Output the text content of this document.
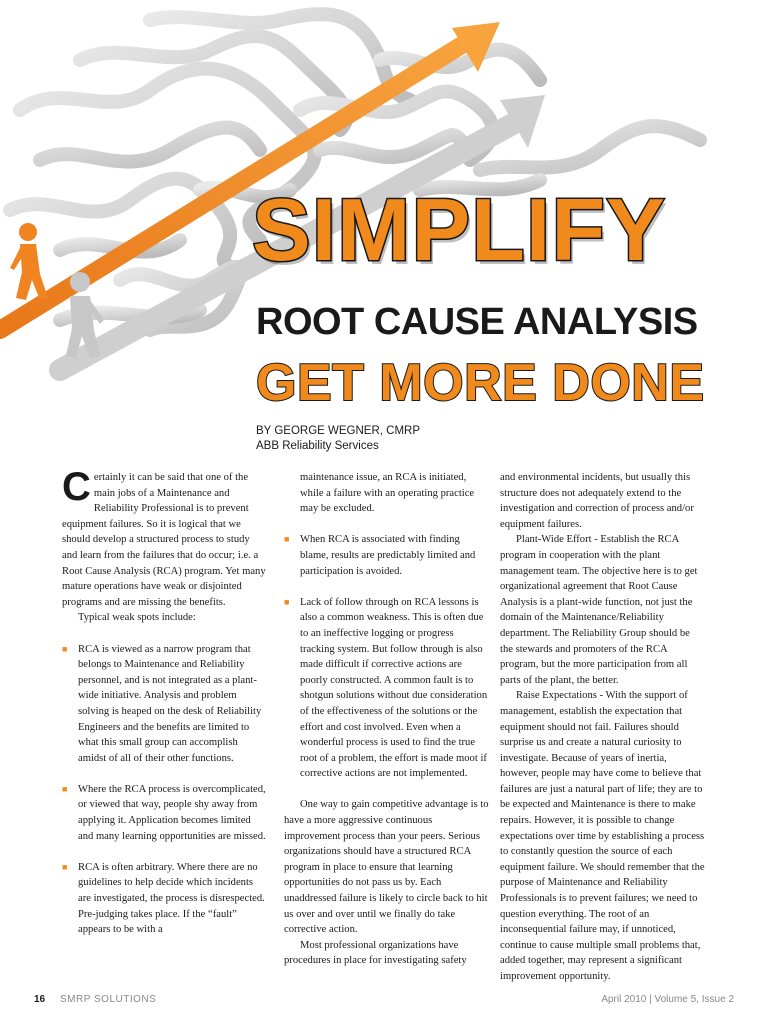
SIMPLIFY
ROOT CAUSE ANALYSIS
GET MORE DONE
BY GEORGE WEGNER, CMRP
ABB Reliability Services

Certainly it can be said that one of the main jobs of a Maintenance and Reliability Professional is to prevent equipment failures. So it is logical that we should develop a structured process to study and learn from the failures that do occur; i.e. a Root Cause Analysis (RCA) program. Yet many mature operations have weak or disjointed programs and are missing the benefits.

Typical weak spots include:

■ RCA is viewed as a narrow program that belongs to Maintenance and Reliability personnel, and is not integrated as a plant-wide initiative. Analysis and problem solving is heaped on the desk of Reliability Engineers and the benefits are limited to what this small group can accomplish amidst of all of their other functions.

■ Where the RCA process is overcomplicated, or viewed that way, people shy away from applying it. Application becomes limited and many learning opportunities are missed.

■ RCA is often arbitrary. Where there are no guidelines to help decide which incidents are investigated, the process is disrespected. Pre-judging takes place. If the “fault” appears to be with a

maintenance issue, an RCA is initiated, while a failure with an operating practice may be excluded.

■ When RCA is associated with finding blame, results are predictably limited and participation is avoided.

■ Lack of follow through on RCA lessons is also a common weakness. This is often due to an ineffective logging or progress tracking system. But follow through is also made difficult if corrective actions are poorly constructed. A common fault is to shotgun solutions without due consideration of the effectiveness of the solutions or the effort and cost involved. Even when a wonderful process is used to find the true root of a problem, the effort is made moot if corrective actions are not implemented.

One way to gain competitive advantage is to have a more aggressive continuous improvement process than your peers. Serious organizations should have a structured RCA program in place to ensure that learning opportunities do not pass us by. Each unaddressed failure is likely to circle back to hit us over and over until we finally do take corrective action.

Most professional organizations have procedures in place for investigating safety

and environmental incidents, but usually this structure does not adequately extend to the investigation and correction of process and/or equipment failures.

Plant-Wide Effort - Establish the RCA program in cooperation with the plant management team. The objective here is to get organizational agreement that Root Cause Analysis is a plant-wide function, not just the domain of the Maintenance/Reliability department. The Reliability Group should be the stewards and promoters of the RCA program, but the more participation from all parts of the plant, the better.

Raise Expectations - With the support of management, establish the expectation that equipment should not fail. Failures should surprise us and create a natural curiosity to investigate. Because of years of inertia, however, people may have come to believe that failures are just a natural part of life; they are to be expected and Maintenance is there to make repairs. However, it is possible to change expectations over time by establishing a process to constantly question the source of each equipment failure. We should remember that the purpose of Maintenance and Reliability Professionals is to prevent failures; we need to question everything. The root of an inconsequential failure may, if unnoticed, continue to cause multiple small problems that, added together, may represent a significant improvement opportunity.

16 SMRP SOLUTIONS	April 2010 | Volume 5, Issue 2
